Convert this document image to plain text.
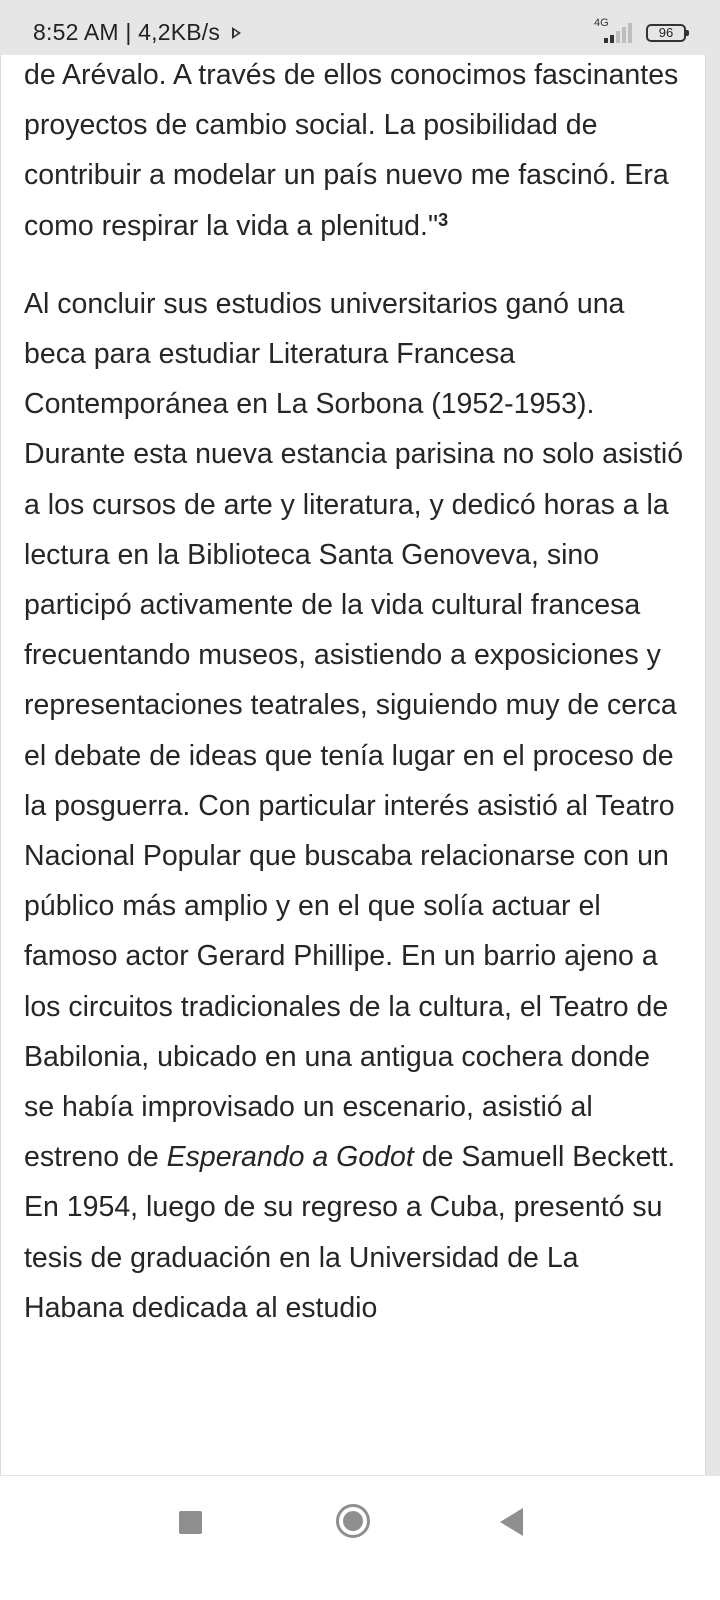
8:52 AM | 4,2KB/s	4G
96

de Arévalo. A través de ellos conocimos fascinantes proyectos de cambio social. La posibilidad de contribuir a modelar un país nuevo me fascinó. Era como respirar la vida a plenitud."$^3$

Al concluir sus estudios universitarios ganó una beca para estudiar Literatura Francesa Contemporánea en La Sorbona (1952-1953). Durante esta nueva estancia parisina no solo asistió a los cursos de arte y literatura, y dedicó horas a la lectura en la Biblioteca Santa Genoveva, sino participó activamente de la vida cultural francesa frecuentando museos, asistiendo a exposiciones y representaciones teatrales, siguiendo muy de cerca el debate de ideas que tenía lugar en el proceso de la posguerra. Con particular interés asistió al Teatro Nacional Popular que buscaba relacionarse con un público más amplio y en el que solía actuar el famoso actor Gerard Phillipe. En un barrio ajeno a los circuitos tradicionales de la cultura, el Teatro de Babilonia, ubicado en una antigua cochera donde se había improvisado un escenario, asistió al estreno de Esperando a Godot de Samuell Beckett. En 1954, luego de su regreso a Cuba, presentó su tesis de graduación en la Universidad de La Habana dedicada al estudio
